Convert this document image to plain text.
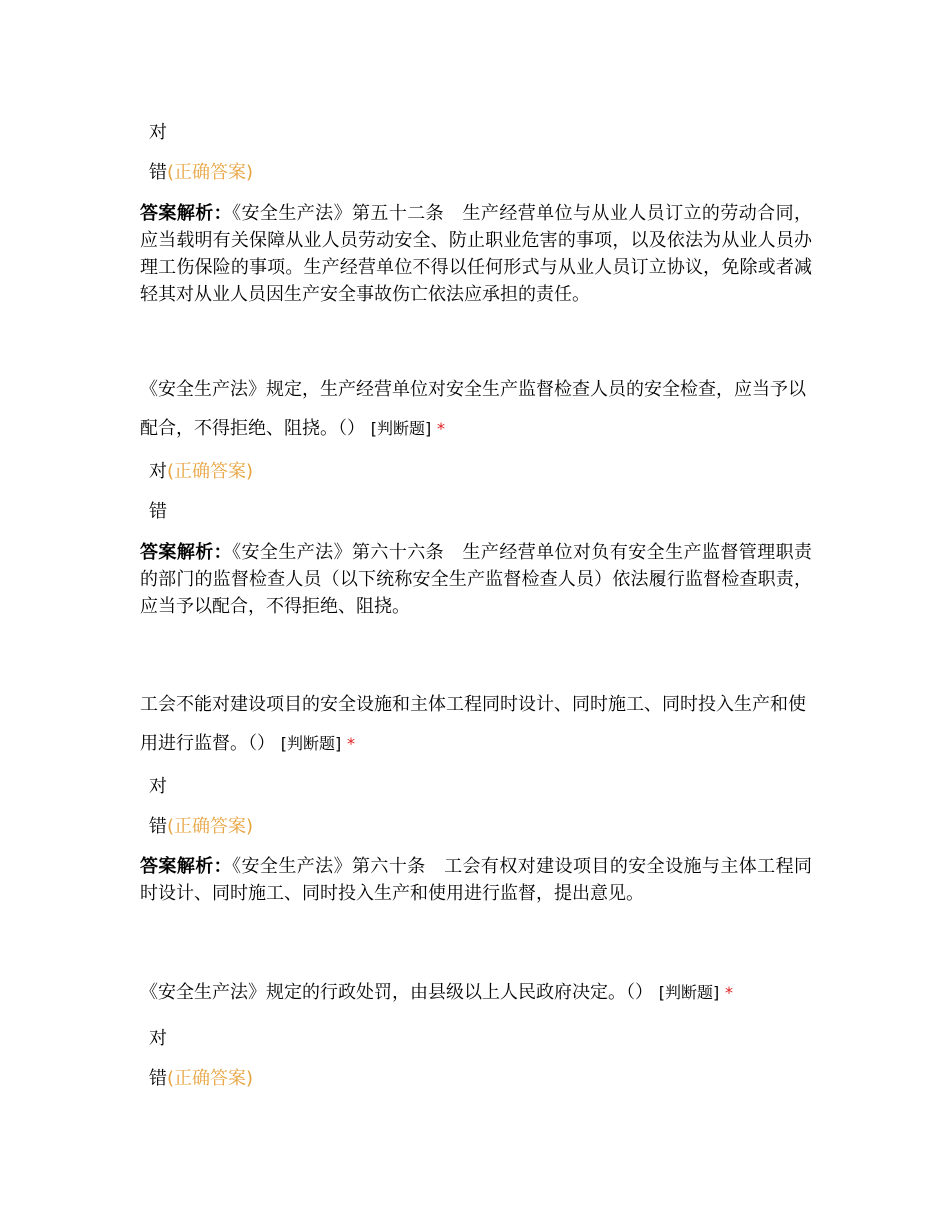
对
错(正确答案)
答案解析：《安全生产法》第五十二条　生产经营单位与从业人员订立的劳动合同，应当载明有关保障从业人员劳动安全、防止职业危害的事项，以及依法为从业人员办理工伤保险的事项。生产经营单位不得以任何形式与从业人员订立协议，免除或者减轻其对从业人员因生产安全事故伤亡依法应承担的责任。
《安全生产法》规定，生产经营单位对安全生产监督检查人员的安全检查，应当予以配合，不得拒绝、阻挠。（） [判断题] *
对(正确答案)
错
答案解析：《安全生产法》第六十六条　生产经营单位对负有安全生产监督管理职责的部门的监督检查人员（以下统称安全生产监督检查人员）依法履行监督检查职责，应当予以配合，不得拒绝、阻挠。
工会不能对建设项目的安全设施和主体工程同时设计、同时施工、同时投入生产和使用进行监督。（） [判断题] *
对
错(正确答案)
答案解析：《安全生产法》第六十条　工会有权对建设项目的安全设施与主体工程同时设计、同时施工、同时投入生产和使用进行监督，提出意见。
《安全生产法》规定的行政处罚，由县级以上人民政府决定。（） [判断题] *
对
错(正确答案)
